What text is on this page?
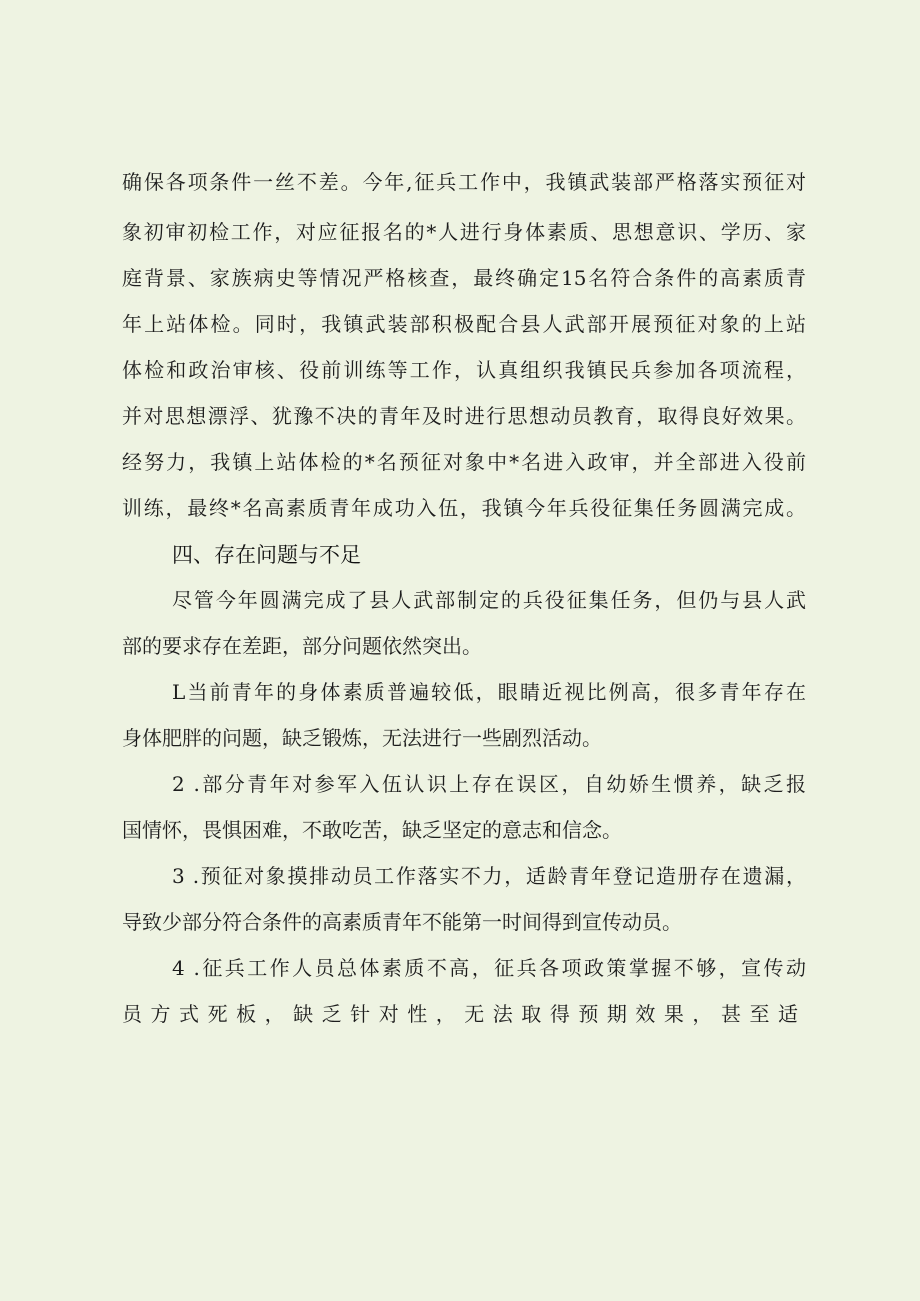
确保各项条件一丝不差。今年,征兵工作中，我镇武装部严格落实预征对
象初审初检工作，对应征报名的*人进行身体素质、思想意识、学历、家
庭背景、家族病史等情况严格核查，最终确定15名符合条件的高素质青
年上站体检。同时，我镇武装部积极配合县人武部开展预征对象的上站
体检和政治审核、役前训练等工作，认真组织我镇民兵参加各项流程，
并对思想漂浮、犹豫不决的青年及时进行思想动员教育，取得良好效果。
经努力，我镇上站体检的*名预征对象中*名进入政审，并全部进入役前
训练，最终*名高素质青年成功入伍，我镇今年兵役征集任务圆满完成。
四、存在问题与不足
尽管今年圆满完成了县人武部制定的兵役征集任务，但仍与县人武
部的要求存在差距，部分问题依然突出。
L当前青年的身体素质普遍较低，眼睛近视比例高，很多青年存在
身体肥胖的问题，缺乏锻炼，无法进行一些剧烈活动。
2 .部分青年对参军入伍认识上存在误区，自幼娇生惯养，缺乏报
国情怀，畏惧困难，不敢吃苦，缺乏坚定的意志和信念。
3 .预征对象摸排动员工作落实不力，适龄青年登记造册存在遗漏，
导致少部分符合条件的高素质青年不能第一时间得到宣传动员。
4 .征兵工作人员总体素质不高，征兵各项政策掌握不够，宣传动
员方式死板，缺乏针对性，无法取得预期效果，甚至适
